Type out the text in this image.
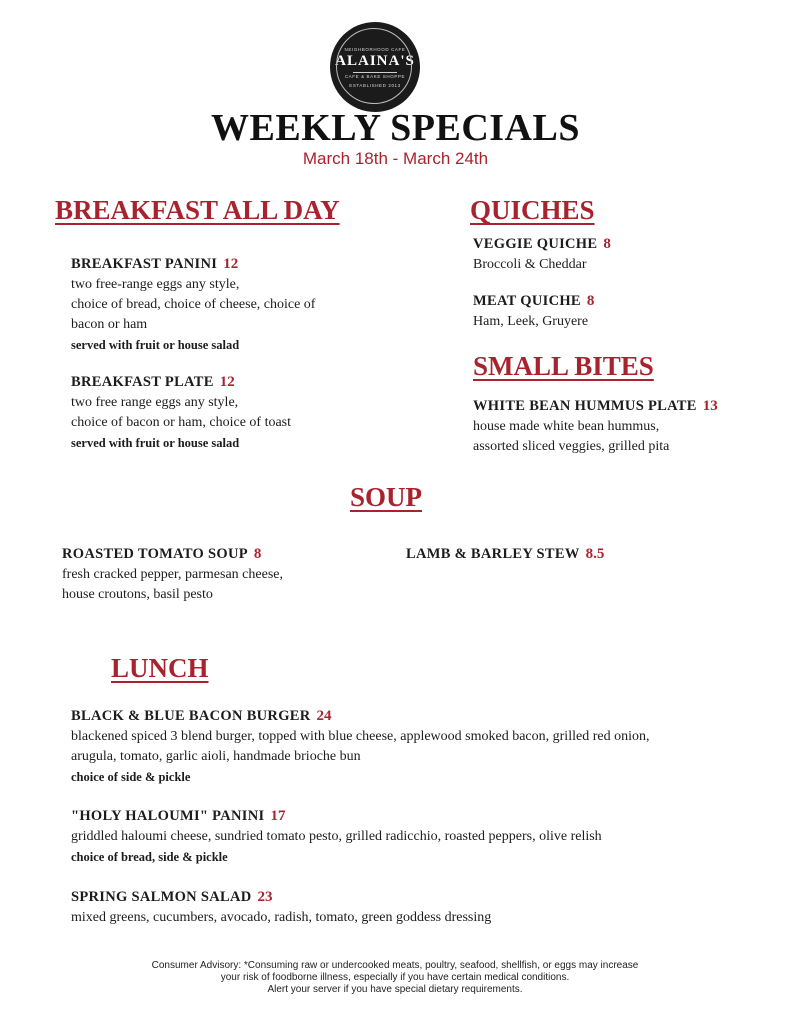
NEIGHBORHOOD CAFE
ALAINA'S
CAFE & BAKE SHOPPE
ESTABLISHED 2013
WEEKLY SPECIALS
March 18th - March 24th
BREAKFAST ALL DAY
BREAKFAST PANINI 12
two free-range eggs any style,
choice of bread, choice of cheese, choice of
bacon or ham
served with fruit or house salad
BREAKFAST PLATE 12
two free range eggs any style,
choice of bacon or ham, choice of toast
served with fruit or house salad
QUICHES
VEGGIE QUICHE 8
Broccoli & Cheddar
MEAT QUICHE 8
Ham, Leek, Gruyere
SMALL BITES
WHITE BEAN HUMMUS PLATE 13
house made white bean hummus,
assorted sliced veggies, grilled pita
SOUP
ROASTED TOMATO SOUP 8
fresh cracked pepper, parmesan cheese,
house croutons, basil pesto
LAMB & BARLEY STEW 8.5
LUNCH
BLACK & BLUE BACON BURGER 24
blackened spiced 3 blend burger, topped with blue cheese, applewood smoked bacon, grilled red onion,
arugula, tomato, garlic aioli, handmade brioche bun
choice of side & pickle
"HOLY HALOUMI" PANINI 17
griddled haloumi cheese, sundried tomato pesto, grilled radicchio, roasted peppers, olive relish
choice of bread, side & pickle
SPRING SALMON SALAD 23
mixed greens, cucumbers, avocado, radish, tomato, green goddess dressing
Consumer Advisory: *Consuming raw or undercooked meats, poultry, seafood, shellfish, or eggs may increase
your risk of foodborne illness, especially if you have certain medical conditions.
Alert your server if you have special dietary requirements.
